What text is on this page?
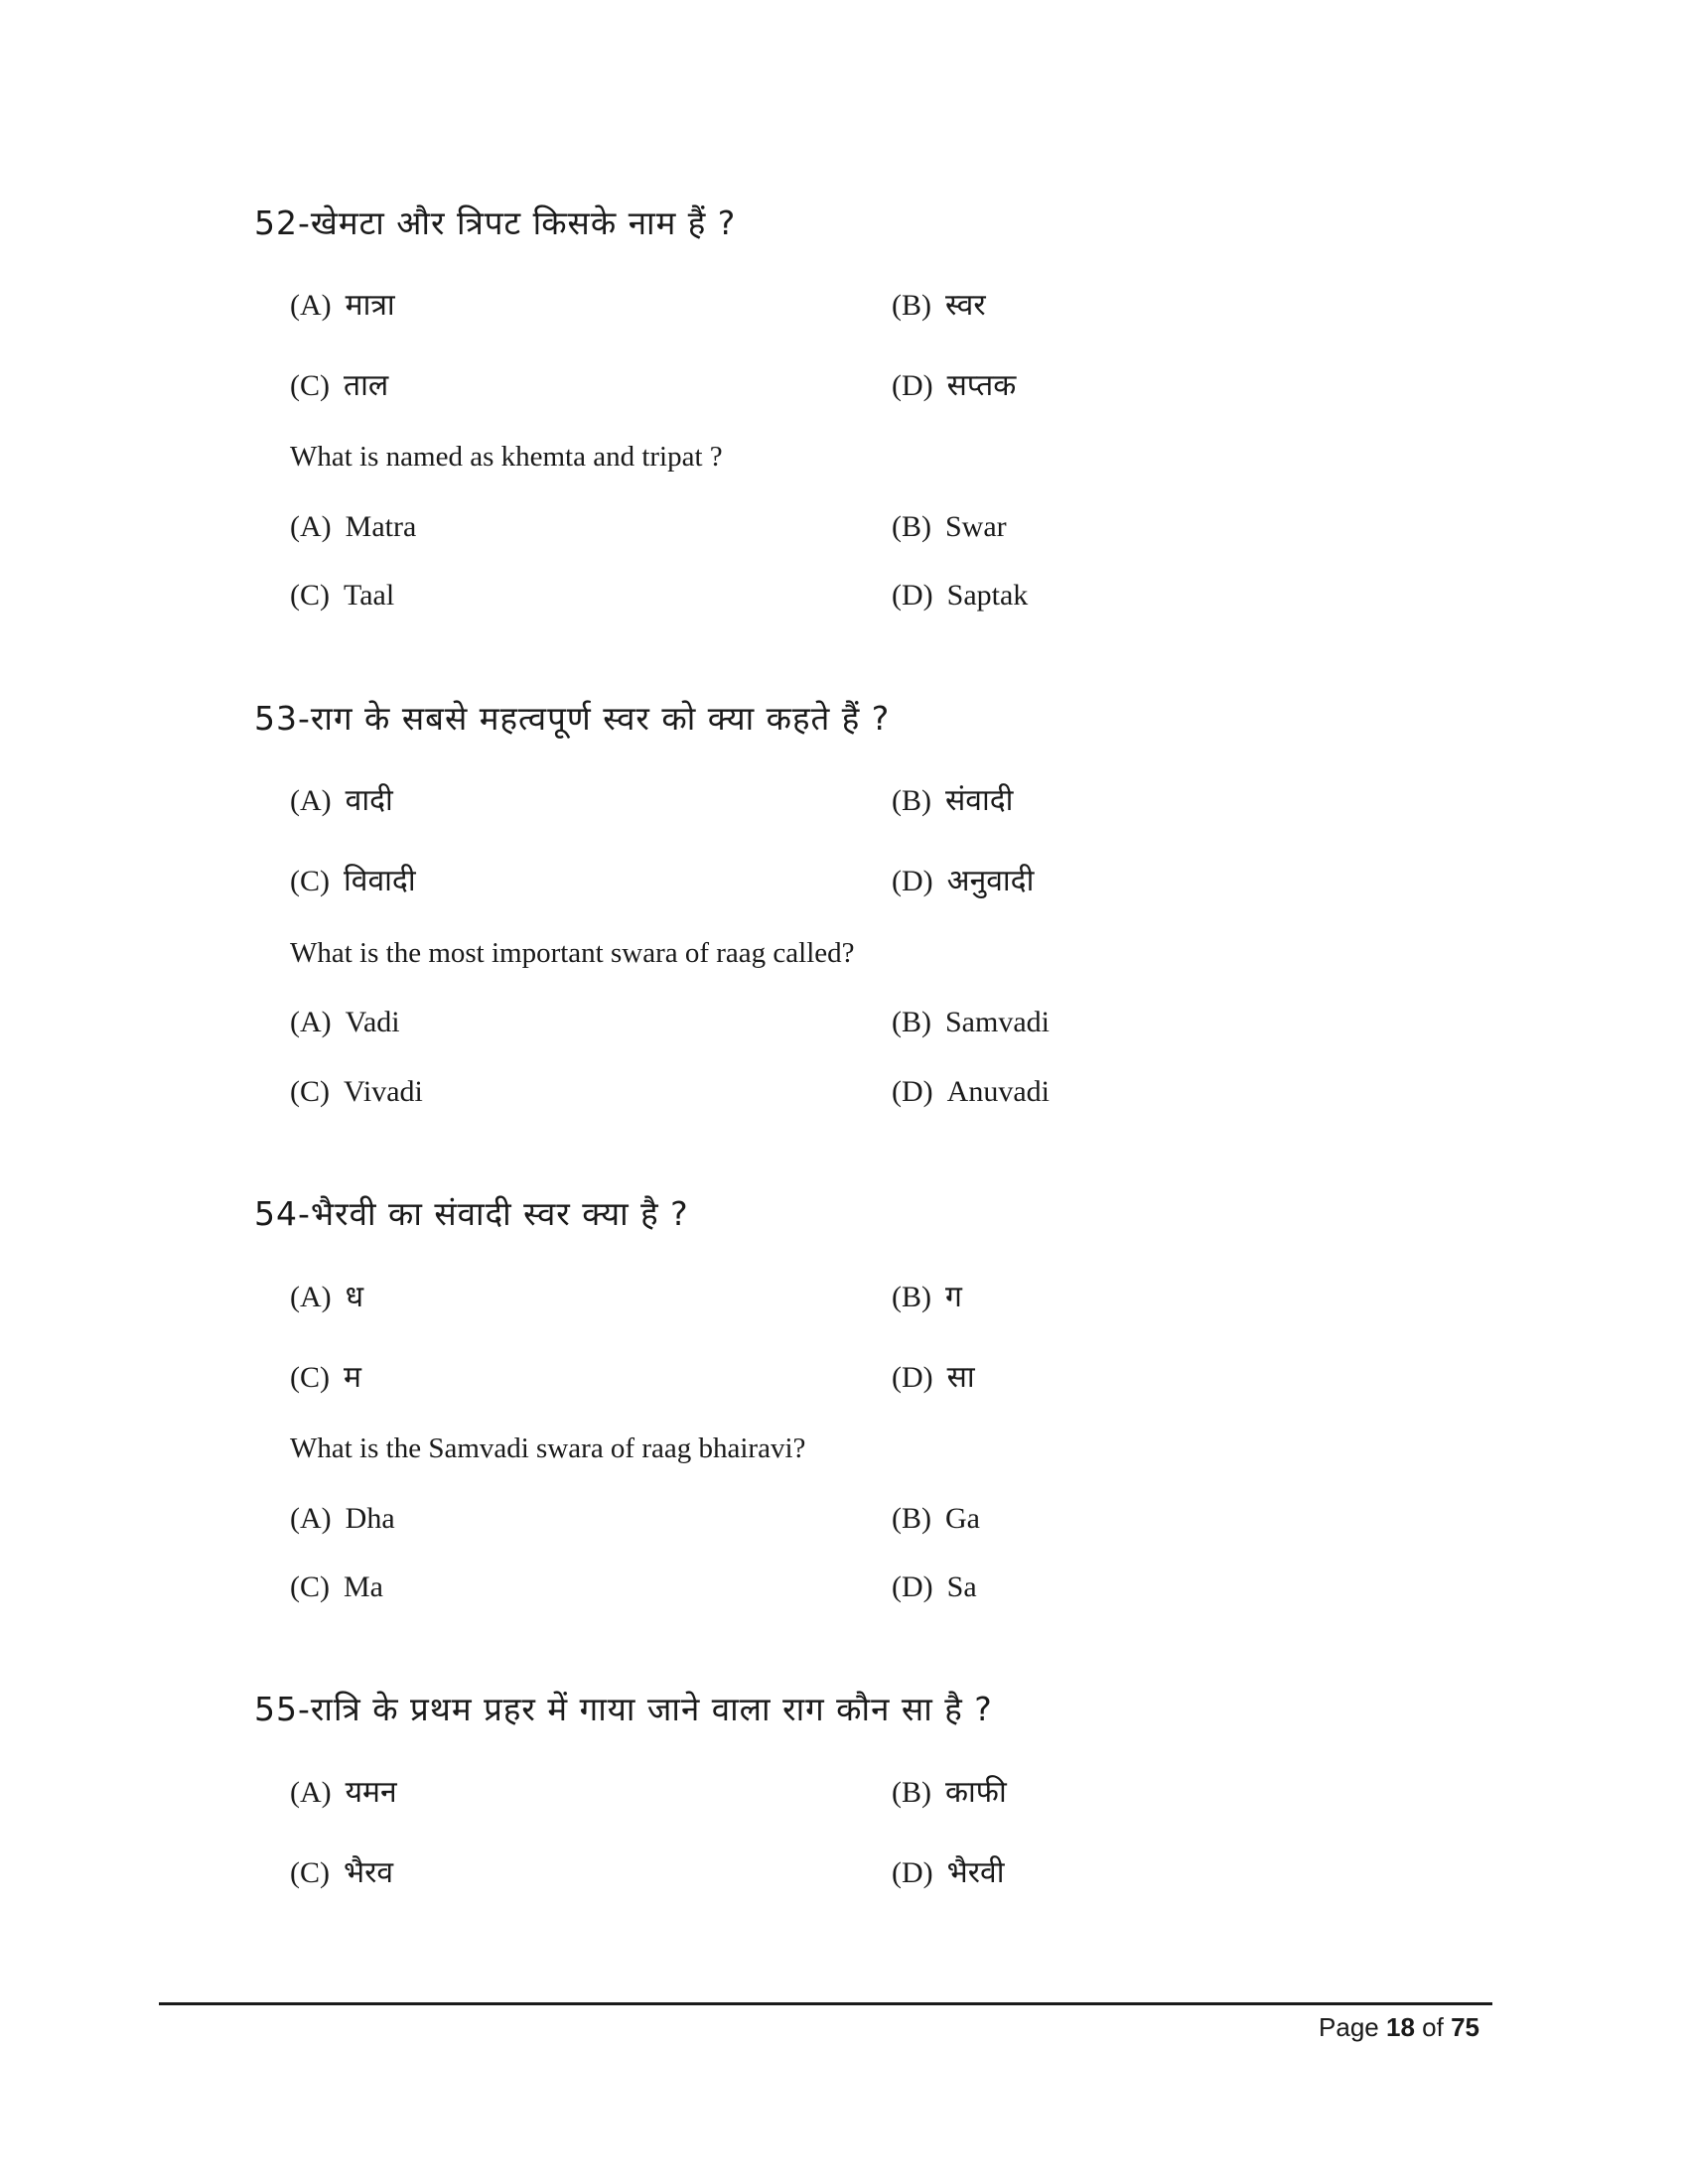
52-खेमटा और त्रिपट किसके नाम हैं ?
(A) मात्रा	(B) स्वर
(C) ताल	(D) सप्तक
What is named as khemta and tripat ?
(A) Matra	(B) Swar
(C) Taal	(D) Saptak
53-राग के सबसे महत्वपूर्ण स्वर को क्या कहते हैं ?
(A) वादी	(B) संवादी
(C) विवादी	(D) अनुवादी
What is the most important swara of raag called?
(A) Vadi	(B) Samvadi
(C) Vivadi	(D) Anuvadi
54-भैरवी का संवादी स्वर क्या है ?
(A) ध	(B) ग
(C) म	(D) सा
What is the Samvadi swara of raag bhairavi?
(A) Dha	(B) Ga
(C) Ma	(D) Sa
55-रात्रि के प्रथम प्रहर में गाया जाने वाला राग कौन सा है ?
(A) यमन	(B) काफी
(C) भैरव	(D) भैरवी
Page 18 of 75
